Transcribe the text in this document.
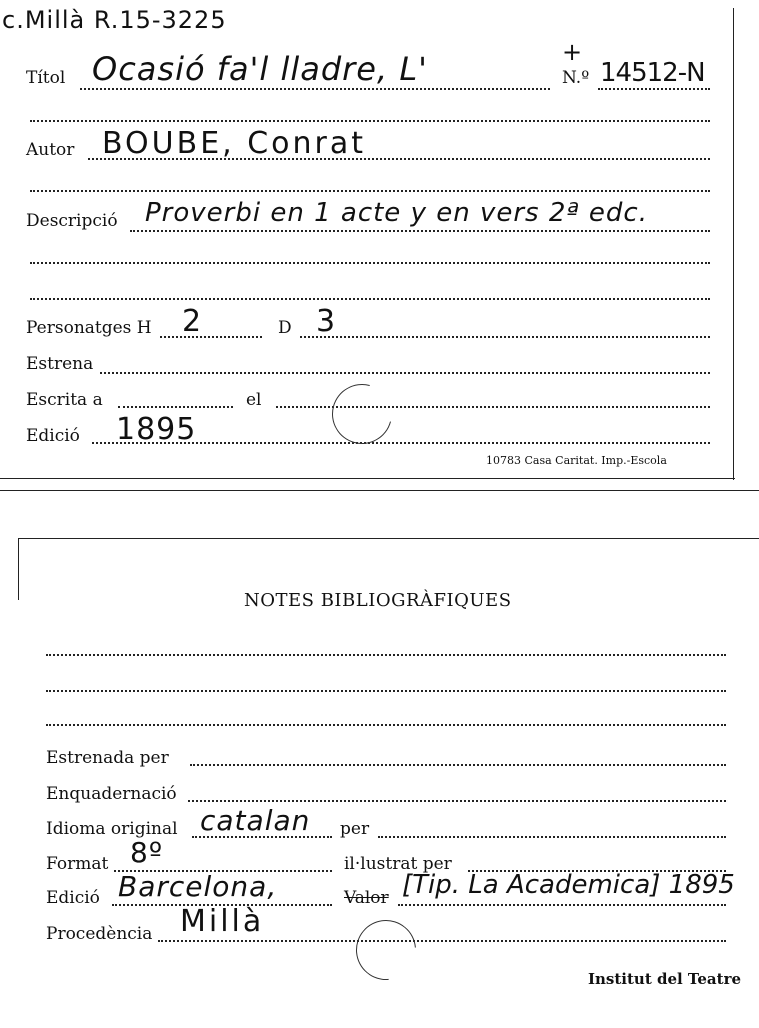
c.Millà R.15-3225
Títol Ocasió fa'l lladre, L'	+
N.º 14512-N
Autor BOUBE, Conrat
Descripció Proverbi en 1 acte y en vers 2ª edc.
Personatges H 2	D 3
Estrena
Escrita a	el
Edició 1895
10783 Casa Caritat. Imp.-Escola
NOTES BIBLIOGRÀFIQUES
Estrenada per
Enquadernació
Idioma original catalan per
Format 8º	il·lustrat per
Edició Barcelona,	Valor [Tip. La Academica] 1895
Procedència Millà
Institut del Teatre
